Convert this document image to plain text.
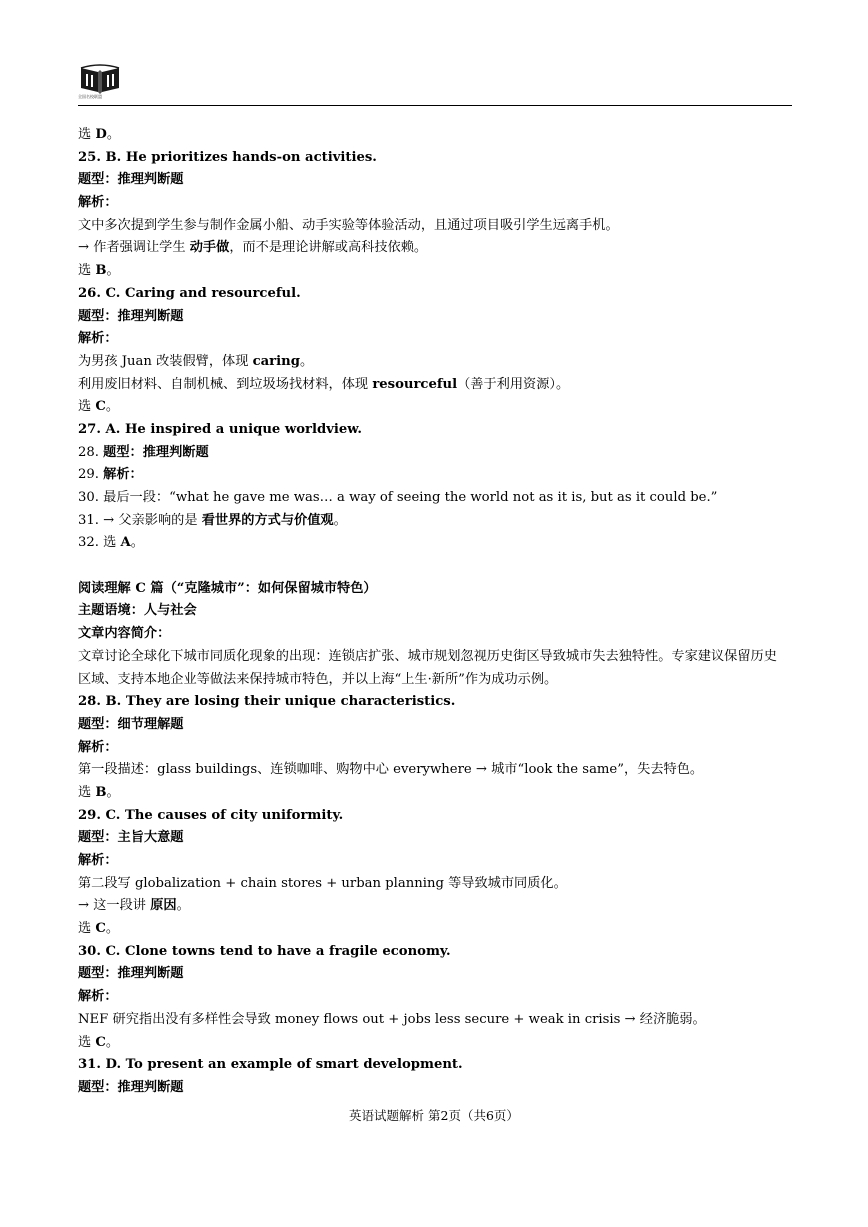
全国名校联盟
选 D。
25. B. He prioritizes hands-on activities.
题型：推理判断题
解析：
文中多次提到学生参与制作金属小船、动手实验等体验活动，且通过项目吸引学生远离手机。
→ 作者强调让学生 动手做，而不是理论讲解或高科技依赖。
选 B。
26. C. Caring and resourceful.
题型：推理判断题
解析：
为男孩 Juan 改装假臂，体现 caring。
利用废旧材料、自制机械、到垃圾场找材料，体现 resourceful（善于利用资源）。
选 C。
27. A. He inspired a unique worldview.
28. 题型：推理判断题
29. 解析：
30. 最后一段：“what he gave me was… a way of seeing the world not as it is, but as it could be.”
31. → 父亲影响的是 看世界的方式与价值观。
32. 选 A。
阅读理解 C 篇（“克隆城市”：如何保留城市特色）
主题语境：人与社会
文章内容简介：
文章讨论全球化下城市同质化现象的出现：连锁店扩张、城市规划忽视历史街区导致城市失去独特性。专家建议保留历史区域、支持本地企业等做法来保持城市特色，并以上海“上生·新所”作为成功示例。
28. B. They are losing their unique characteristics.
题型：细节理解题
解析：
第一段描述：glass buildings、连锁咖啡、购物中心 everywhere → 城市“look the same”，失去特色。
选 B。
29. C. The causes of city uniformity.
题型：主旨大意题
解析：
第二段写 globalization + chain stores + urban planning 等导致城市同质化。
→ 这一段讲 原因。
选 C。
30. C. Clone towns tend to have a fragile economy.
题型：推理判断题
解析：
NEF 研究指出没有多样性会导致 money flows out + jobs less secure + weak in crisis → 经济脆弱。
选 C。
31. D. To present an example of smart development.
题型：推理判断题
英语试题解析 第2页（共6页）
